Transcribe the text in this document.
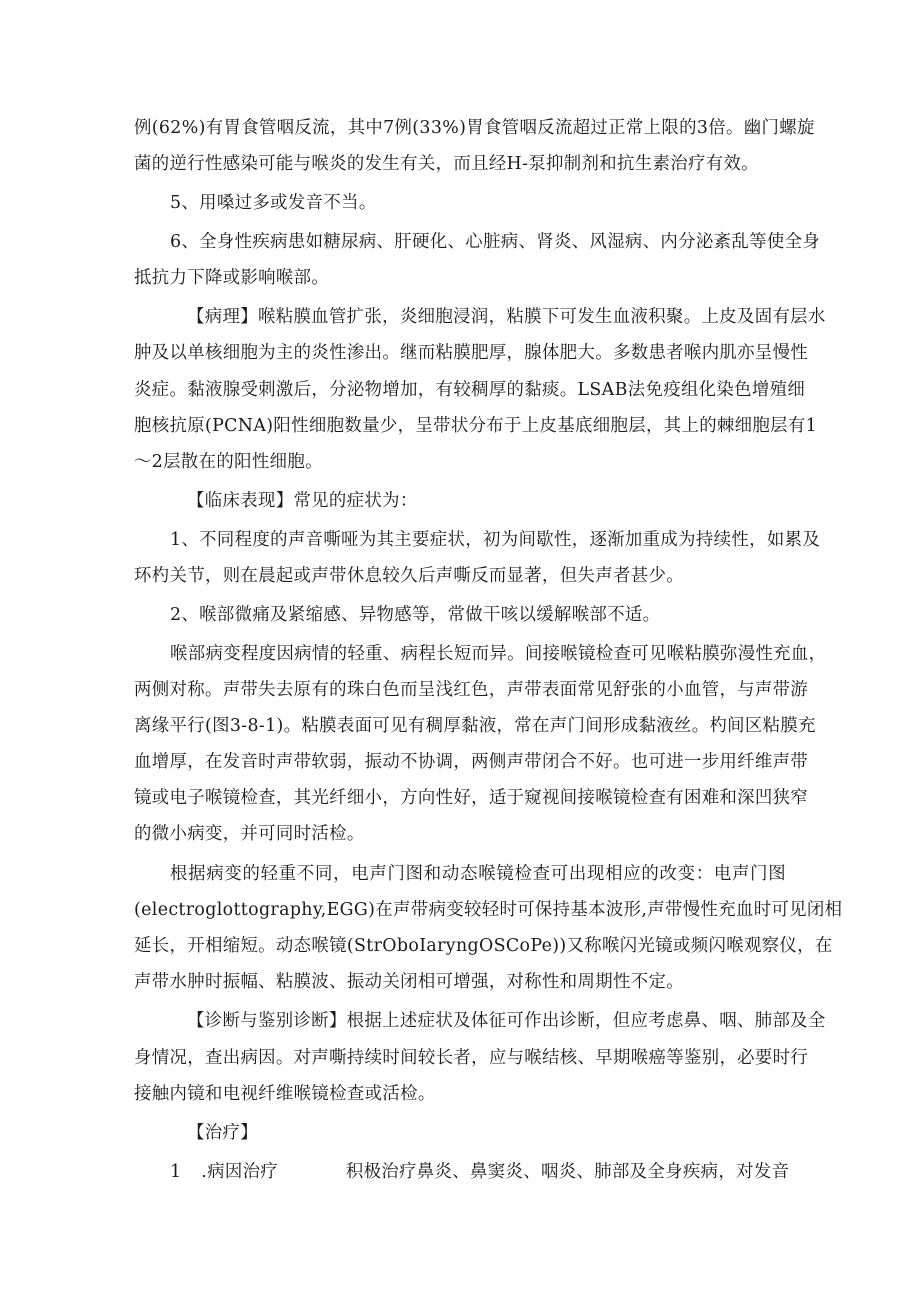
例(62%)有胃食管咽反流，其中7例(33%)胃食管咽反流超过正常上限的3倍。幽门螺旋
菌的逆行性感染可能与喉炎的发生有关，而且经H-泵抑制剂和抗生素治疗有效。
5、用嗓过多或发音不当。
6、全身性疾病患如糖尿病、肝硬化、心脏病、肾炎、风湿病、内分泌紊乱等使全身
抵抗力下降或影响喉部。
【病理】喉粘膜血管扩张，炎细胞浸润，粘膜下可发生血液积聚。上皮及固有层水
肿及以单核细胞为主的炎性渗出。继而粘膜肥厚，腺体肥大。多数患者喉内肌亦呈慢性
炎症。黏液腺受刺激后，分泌物增加，有较稠厚的黏痰。LSAB法免疫组化染色增殖细
胞核抗原(PCNA)阳性细胞数量少，呈带状分布于上皮基底细胞层，其上的棘细胞层有1
～2层散在的阳性细胞。
【临床表现】常见的症状为：
1、不同程度的声音嘶哑为其主要症状，初为间歇性，逐渐加重成为持续性，如累及
环杓关节，则在晨起或声带休息较久后声嘶反而显著，但失声者甚少。
2、喉部微痛及紧缩感、异物感等，常做干咳以缓解喉部不适。
喉部病变程度因病情的轻重、病程长短而异。间接喉镜检查可见喉粘膜弥漫性充血，
两侧对称。声带失去原有的珠白色而呈浅红色，声带表面常见舒张的小血管，与声带游
离缘平行(图3-8-1)。粘膜表面可见有稠厚黏液，常在声门间形成黏液丝。杓间区粘膜充
血增厚，在发音时声带软弱，振动不协调，两侧声带闭合不好。也可进一步用纤维声带
镜或电子喉镜检查，其光纤细小，方向性好，适于窥视间接喉镜检查有困难和深凹狭窄
的微小病变，并可同时活检。
根据病变的轻重不同，电声门图和动态喉镜检查可出现相应的改变：电声门图
(electroglottography,EGG)在声带病变较轻时可保持基本波形,声带慢性充血时可见闭相
延长，开相缩短。动态喉镜(StrOboIaryngOSCoPe))又称喉闪光镜或频闪喉观察仪，在
声带水肿时振幅、粘膜波、振动关闭相可增强，对称性和周期性不定。
【诊断与鉴别诊断】根据上述症状及体征可作出诊断，但应考虑鼻、咽、肺部及全
身情况，查出病因。对声嘶持续时间较长者，应与喉结核、早期喉癌等鉴别，必要时行
接触内镜和电视纤维喉镜检查或活检。
【治疗】
1 .病因治疗	积极治疗鼻炎、鼻窦炎、咽炎、肺部及全身疾病，对发音
